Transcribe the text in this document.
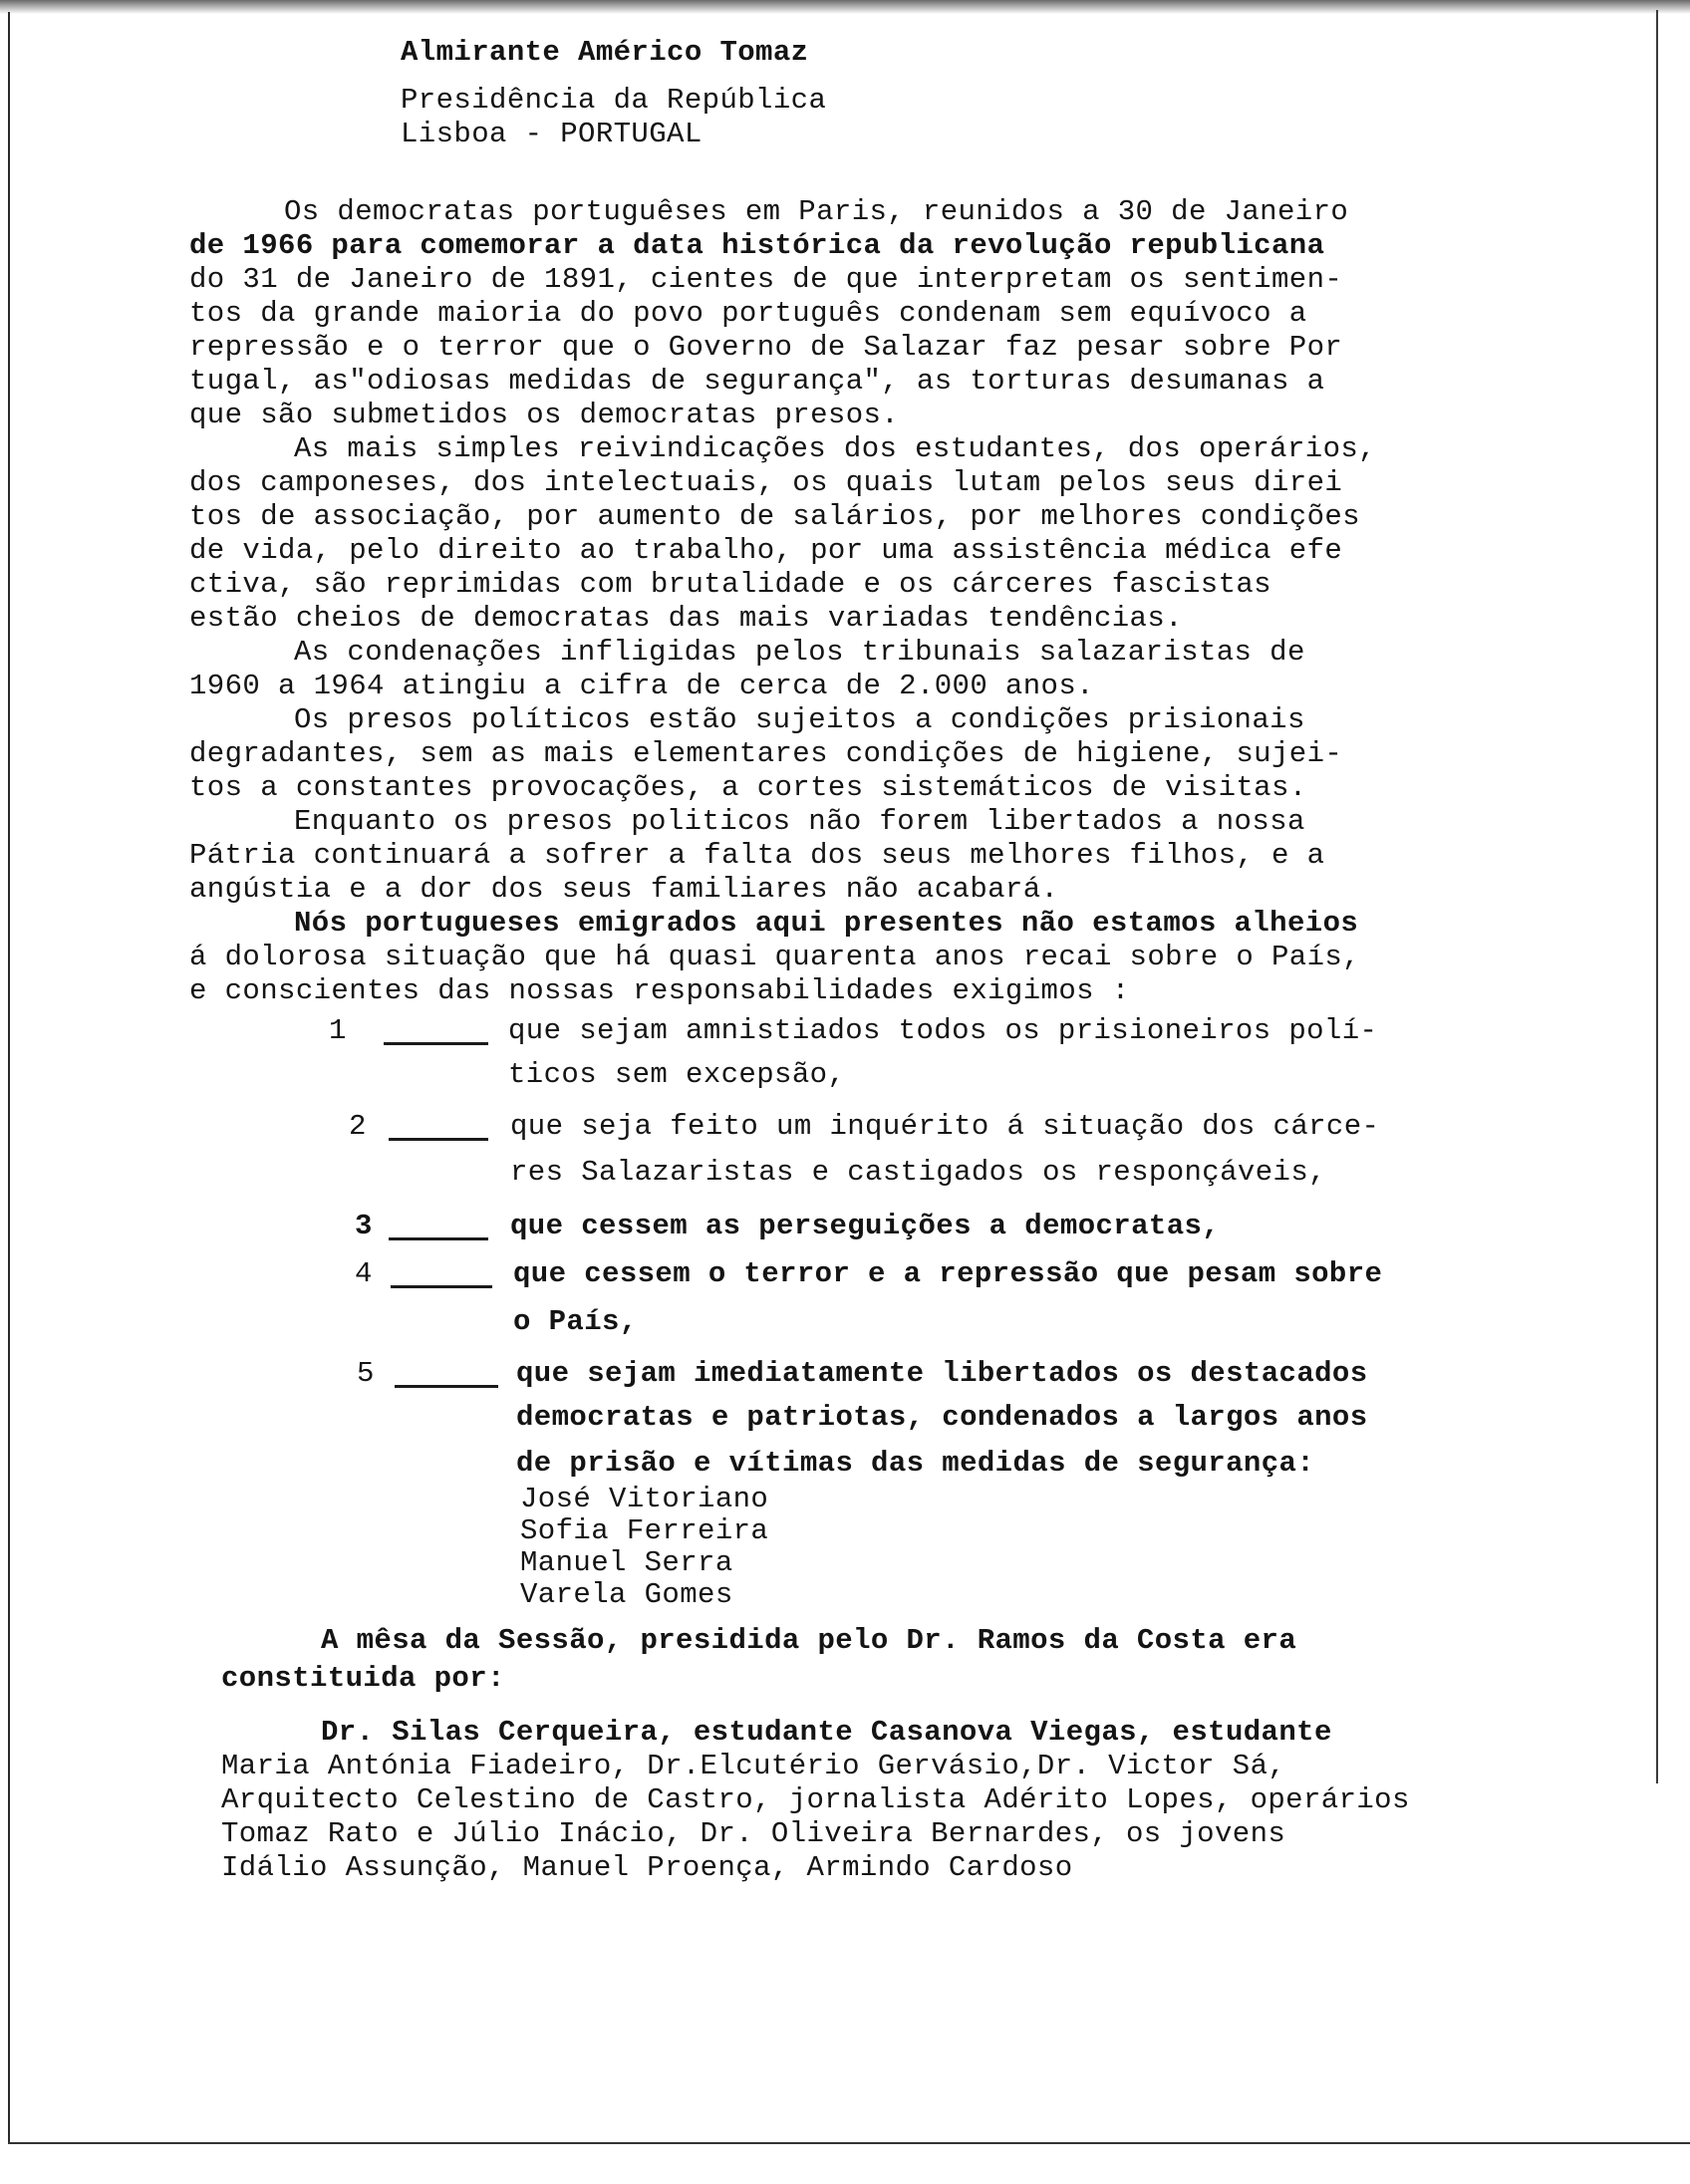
Almirante Américo Tomaz
Presidência da República
Lisboa - PORTUGAL
Os democratas portuguêses em Paris, reunidos a 30 de Janeiro
de 1966 para comemorar a data histórica da revolução republicana
do 31 de Janeiro de 1891, cientes de que interpretam os sentimen-
tos da grande maioria do povo português condenam sem equívoco a
repressão e o terror que o Governo de Salazar faz pesar sobre Por
tugal, as"odiosas medidas de segurança", as torturas desumanas a
que são submetidos os democratas presos.
As mais simples reivindicações dos estudantes, dos operários,
dos camponeses, dos intelectuais, os quais lutam pelos seus direi
tos de associação, por aumento de salários, por melhores condições
de vida, pelo direito ao trabalho, por uma assistência médica efe
ctiva, são reprimidas com brutalidade e os cárceres fascistas
estão cheios de democratas das mais variadas tendências.
As condenações infligidas pelos tribunais salazaristas de
1960 a 1964 atingiu a cifra de cerca de 2.000 anos.
Os presos políticos estão sujeitos a condições prisionais
degradantes, sem as mais elementares condições de higiene, sujei-
tos a constantes provocações, a cortes sistemáticos de visitas.
Enquanto os presos politicos não forem libertados a nossa
Pátria continuará a sofrer a falta dos seus melhores filhos, e a
angústia e a dor dos seus familiares não acabará.
Nós portugueses emigrados aqui presentes não estamos alheios
á dolorosa situação que há quasi quarenta anos recai sobre o País,
e conscientes das nossas responsabilidades exigimos :
1	que sejam amnistiados todos os prisioneiros polí-
ticos sem excepsão,
2	que seja feito um inquérito á situação dos cárce-
res Salazaristas e castigados os responçáveis,
3	que cessem as perseguições a democratas,
4	que cessem o terror e a repressão que pesam sobre
o País,
5	que sejam imediatamente libertados os destacados
democratas e patriotas, condenados a largos anos
de prisão e vítimas das medidas de segurança:
José Vitoriano
Sofia Ferreira
Manuel Serra
Varela Gomes
A mêsa da Sessão, presidida pelo Dr. Ramos da Costa era
constituida por:
Dr. Silas Cerqueira, estudante Casanova Viegas, estudante
Maria Antónia Fiadeiro, Dr.Elcutério Gervásio,Dr. Victor Sá,
Arquitecto Celestino de Castro, jornalista Adérito Lopes, operários
Tomaz Rato e Júlio Inácio, Dr. Oliveira Bernardes, os jovens
Idálio Assunção, Manuel Proença, Armindo Cardoso
